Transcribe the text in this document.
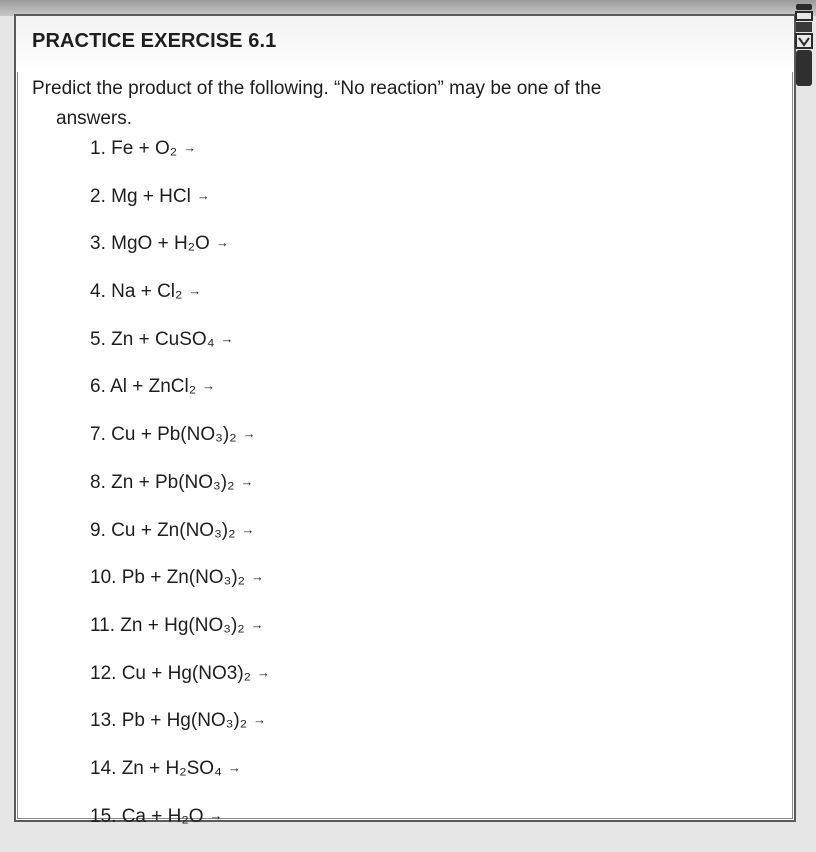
PRACTICE EXERCISE 6.1
Predict the product of the following. “No reaction” may be one of the
answers.
1. Fe + O₂ →
2. Mg + HCl →
3. MgO + H₂O →
4. Na + Cl₂ →
5. Zn + CuSO₄ →
6. Al + ZnCl₂ →
7. Cu + Pb(NO₃)₂ →
8. Zn + Pb(NO₃)₂ →
9. Cu + Zn(NO₃)₂ →
10. Pb + Zn(NO₃)₂ →
11. Zn + Hg(NO₃)₂ →
12. Cu + Hg(NO3)₂ →
13. Pb + Hg(NO₃)₂ →
14. Zn + H₂SO₄ →
15. Ca + H₂O →
